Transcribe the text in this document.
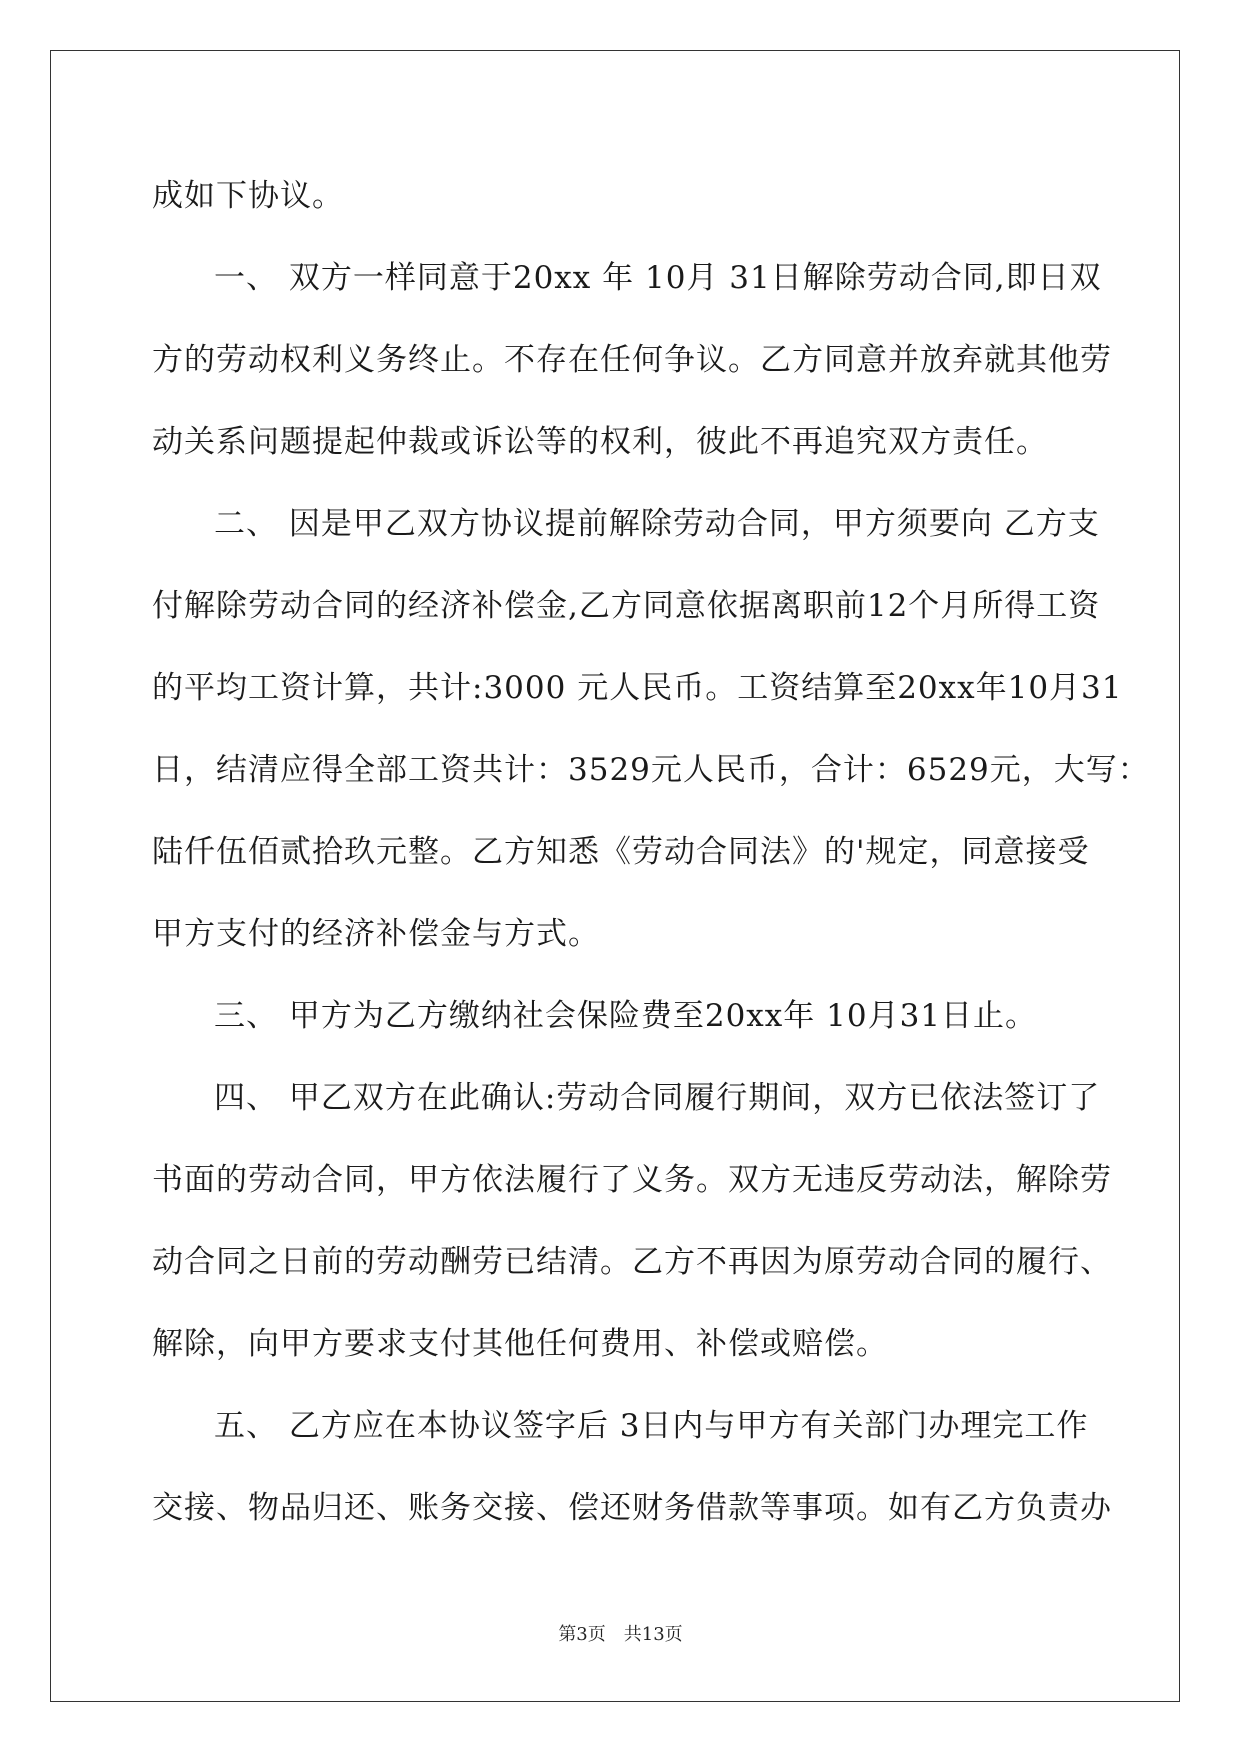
成如下协议。
一、 双方一样同意于20xx 年 10月 31日解除劳动合同,即日双
方的劳动权利义务终止。不存在任何争议。乙方同意并放弃就其他劳
动关系问题提起仲裁或诉讼等的权利，彼此不再追究双方责任。
二、 因是甲乙双方协议提前解除劳动合同，甲方须要向 乙方支
付解除劳动合同的经济补偿金,乙方同意依据离职前12个月所得工资
的平均工资计算，共计:3000 元人民币。工资结算至20xx年10月31
日，结清应得全部工资共计：3529元人民币，合计：6529元，大写：
陆仟伍佰贰拾玖元整。乙方知悉《劳动合同法》的'规定，同意接受
甲方支付的经济补偿金与方式。
三、 甲方为乙方缴纳社会保险费至20xx年 10月31日止。
四、 甲乙双方在此确认:劳动合同履行期间，双方已依法签订了
书面的劳动合同，甲方依法履行了义务。双方无违反劳动法，解除劳
动合同之日前的劳动酬劳已结清。乙方不再因为原劳动合同的履行、
解除，向甲方要求支付其他任何费用、补偿或赔偿。
五、 乙方应在本协议签字后 3日内与甲方有关部门办理完工作
交接、物品归还、账务交接、偿还财务借款等事项。如有乙方负责办
第3页 共13页
